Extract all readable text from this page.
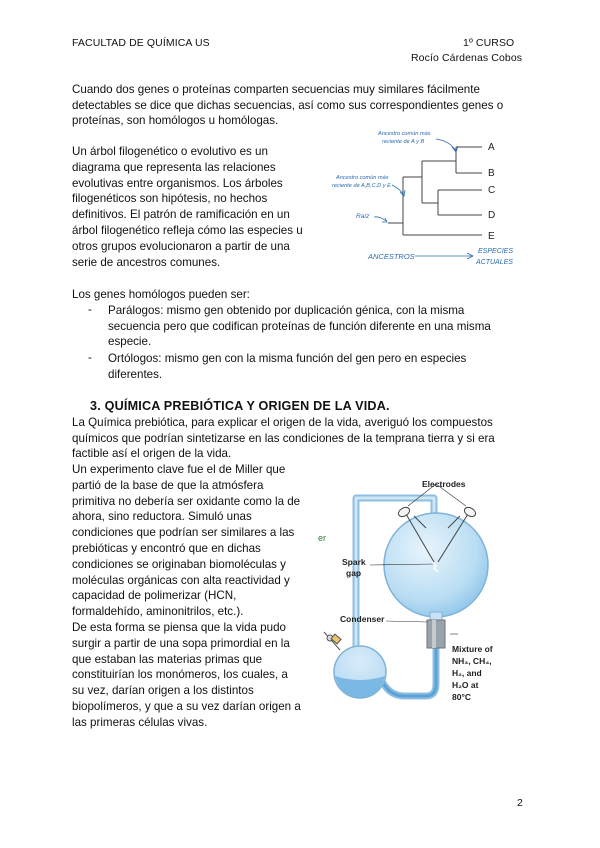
FACULTAD DE QUÍMICA US	1º CURSO
Rocío Cárdenas Cobos
Cuando dos genes o proteínas comparten secuencias muy similares fácilmente
detectables se dice que dichas secuencias, así como sus correspondientes genes o
proteínas, son homólogos u homólogas.
Un árbol filogenético o evolutivo es un
diagrama que representa las relaciones
evolutivas entre organismos. Los árboles
filogenéticos son hipótesis, no hechos
definitivos. El patrón de ramificación en un
árbol filogenético refleja cómo las especies u
otros grupos evolucionaron a partir de una
serie de ancestros comunes.
A
B
C
D
E
Ancestro común más
reciente de A y B
Ancestro común más
reciente de A,B,C,D y E
Raíz
ANCESTROS
ESPECIES
ACTUALES
Los genes homólogos pueden ser:
- Parálogos: mismo gen obtenido por duplicación génica, con la misma
secuencia pero que codifican proteínas de función diferente en una misma
especie.
- Ortólogos: mismo gen con la misma función del gen pero en especies
diferentes.
3. QUÍMICA PREBIÓTICA Y ORIGEN DE LA VIDA.
La Química prebiótica, para explicar el origen de la vida, averiguó los compuestos
químicos que podrían sintetizarse en las condiciones de la temprana tierra y si era
factible así el origen de la vida.
Un experimento clave fue el de Miller que
partió de la base de que la atmósfera
primitiva no debería ser oxidante como la de
ahora, sino reductora. Simuló unas
condiciones que podrían ser similares a las
prebióticas y encontró que en dichas
condiciones se originaban biomoléculas y
moléculas orgánicas con alta reactividad y
capacidad de polimerizar (HCN,
formaldehído, aminonitrilos, etc.).
De esta forma se piensa que la vida pudo
surgir a partir de una sopa primordial en la
que estaban las materias primas que
constituirían los monómeros, los cuales, a
su vez, darían origen a los distintos
biopolímeros, y que a su vez darían origen a
las primeras células vivas.
er
Electrodes
Spark
gap
Condenser
Mixture of
NH₃, CH₄,
H₂, and
H₂O at
80°C
2
